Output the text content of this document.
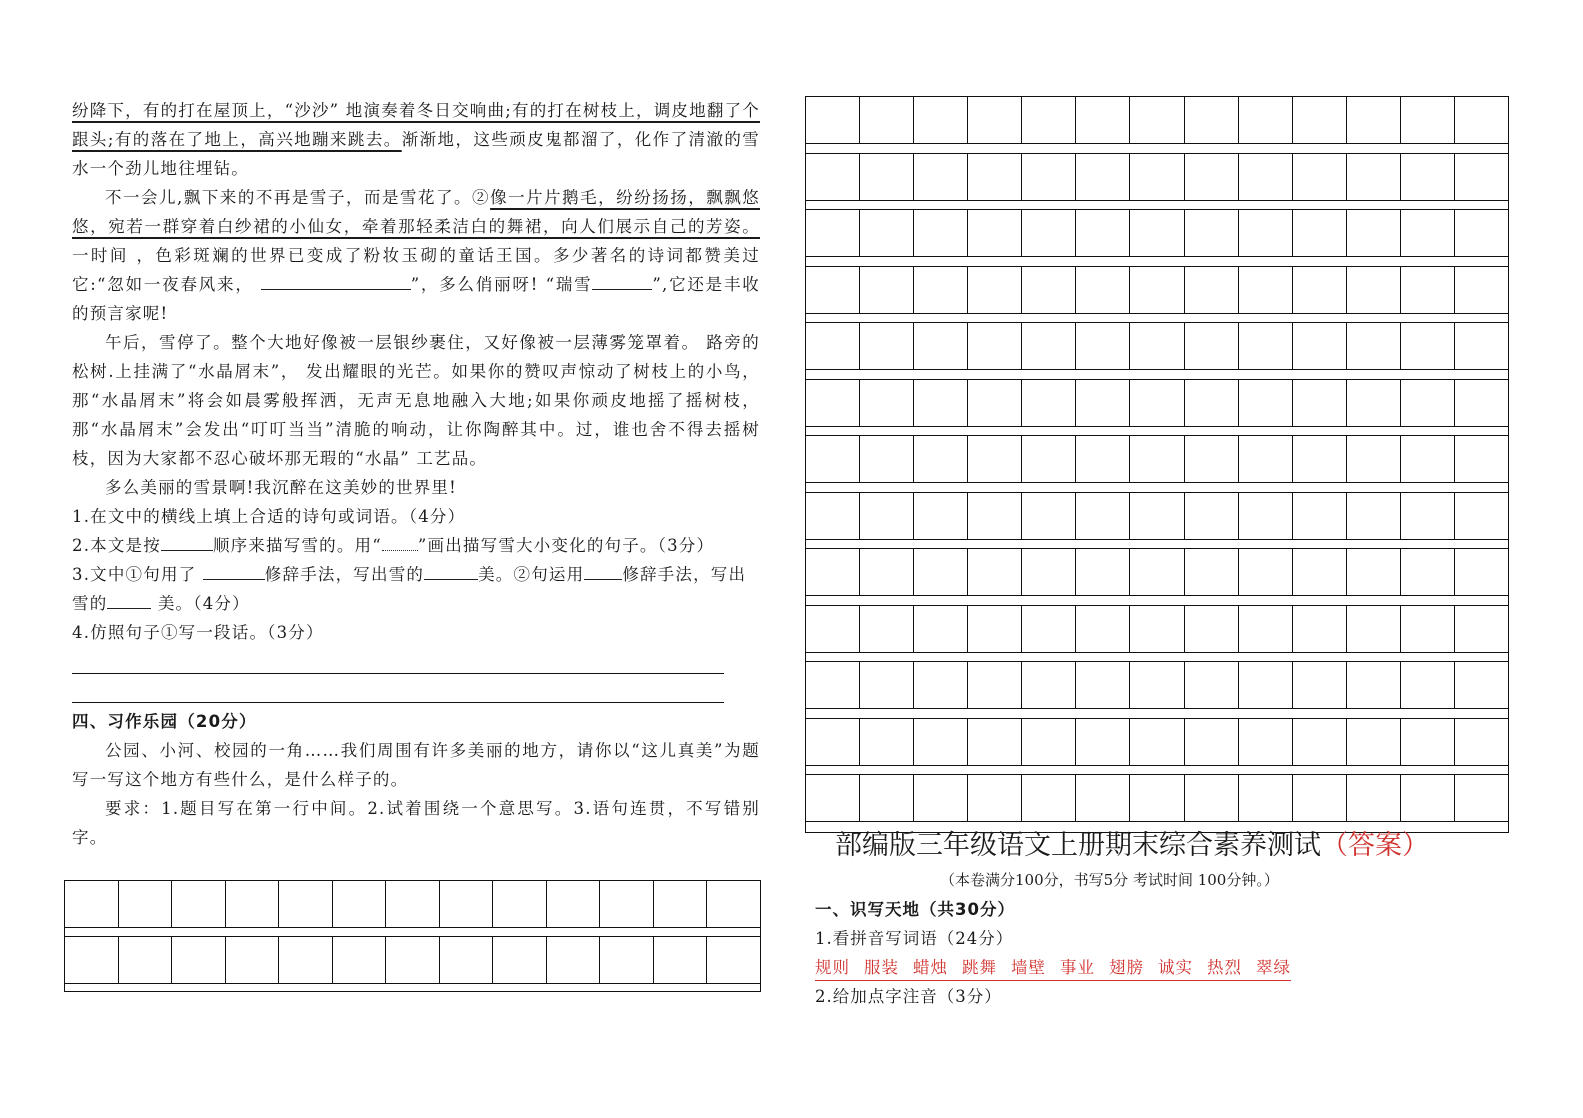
纷降下，有的打在屋顶上，“沙沙” 地演奏着冬日交响曲;有的打在树枝上，调皮地翻了个跟头;有的落在了地上，高兴地蹦来跳去。渐渐地，这些顽皮鬼都溜了，化作了清澈的雪水一个劲儿地往埋钻。

不一会儿,飘下来的不再是雪子，而是雪花了。②像一片片鹅毛，纷纷扬扬，飘飘悠悠，宛若一群穿着白纱裙的小仙女，牵着那轻柔洁白的舞裙，向人们展示自己的芳姿。一时间 ，色彩斑斓的世界已变成了粉妆玉砌的童话王国。多少著名的诗词都赞美过它:“忽如一夜春风来，	”，多么俏丽呀! “瑞雪	”,它还是丰收的预言家呢!

午后，雪停了。整个大地好像被一层银纱裹住，又好像被一层薄雾笼罩着。 路旁的松树.上挂满了“水晶屑末”， 发出耀眼的光芒。如果你的赞叹声惊动了树枝上的小鸟，那“水晶屑末”将会如晨雾般挥洒，无声无息地融入大地;如果你顽皮地摇了摇树枝，那“水晶屑末”会发出“叮叮当当”清脆的响动，让你陶醉其中。过，谁也舍不得去摇树枝，因为大家都不忍心破坏那无瑕的“水晶” 工艺品。

多么美丽的雪景啊!我沉醉在这美妙的世界里!

1.在文中的横线上填上合适的诗句或词语。（4分）

2.本文是按	顺序来描写雪的。用“ ”画出描写雪大小变化的句子。（3分）

3.文中①句用了	修辞手法，写出雪的	美。②句运用 修辞手法，写出雪的	美。（4分）

4.仿照句子①写一段话。（3分）

四、习作乐园（20分）

公园、小河、校园的一角……我们周围有许多美丽的地方，请你以“这儿真美”为题写一写这个地方有些什么，是什么样子的。

要求：1.题目写在第一行中间。2.试着围绕一个意思写。3.语句连贯，不写错别字。	部编版三年级语文上册期末综合素养测试（答案）
（本卷满分100分，书写5分 考试时间 100分钟。）

一、识写天地（共30分）

1.看拼音写词语（24分）

规则 服装 蜡烛 跳舞 墙壁 事业 翅膀 诚实 热烈 翠绿

2.给加点字注音（3分）
